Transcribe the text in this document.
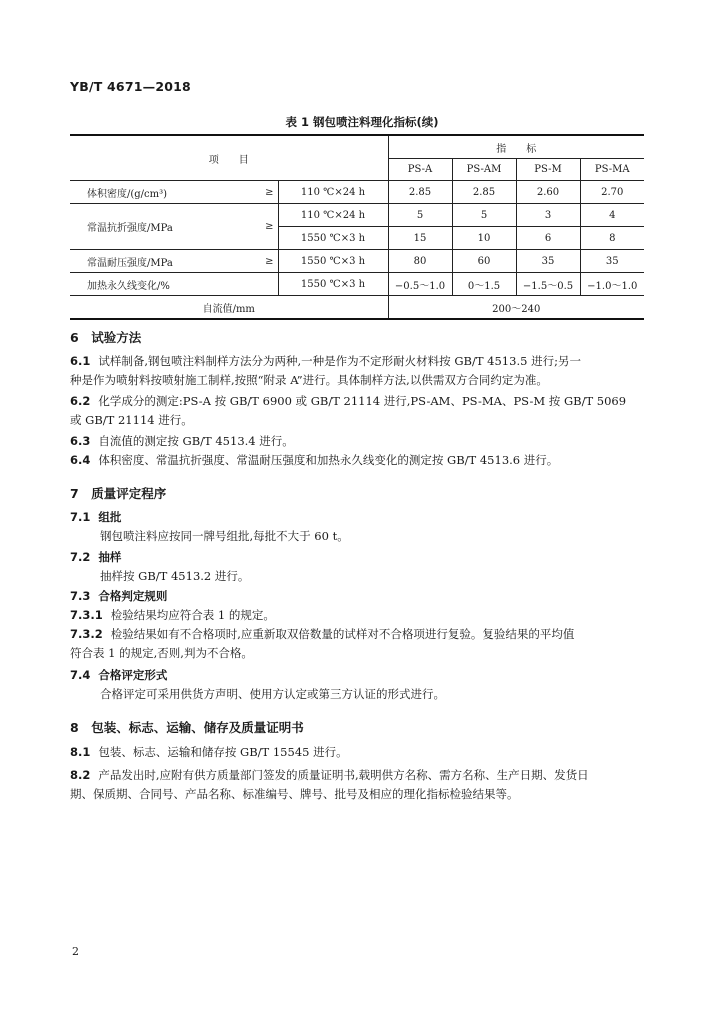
YB/T 4671—2018
表 1 钢包喷注料理化指标(续)
项　　目			指　　标			
			PS-A	PS-AM	PS-M	PS-MA
体积密度/(g/cm³)	≥	110 ℃×24 h	2.85	2.85	2.60	2.70
常温抗折强度/MPa	≥	110 ℃×24 h	5	5	3	4
		1550 ℃×3 h	15	10	6	8
常温耐压强度/MPa	≥	1550 ℃×3 h	80	60	35	35
加热永久线变化/%		1550 ℃×3 h	−0.5～1.0	0～1.5	−1.5～0.5	−1.0～1.0
自流值/mm			200～240			
6　试验方法
6.1 试样制备,钢包喷注料制样方法分为两种,一种是作为不定形耐火材料按 GB/T 4513.5 进行;另一
种是作为喷射料按喷射施工制样,按照“附录 A”进行。具体制样方法,以供需双方合同约定为准。
6.2 化学成分的测定:PS-A 按 GB/T 6900 或 GB/T 21114 进行,PS-AM、PS-MA、PS-M 按 GB/T 5069
或 GB/T 21114 进行。
6.3 自流值的测定按 GB/T 4513.4 进行。
6.4 体积密度、常温抗折强度、常温耐压强度和加热永久线变化的测定按 GB/T 4513.6 进行。
7　质量评定程序
7.1 组批
钢包喷注料应按同一牌号组批,每批不大于 60 t。
7.2 抽样
抽样按 GB/T 4513.2 进行。
7.3 合格判定规则
7.3.1 检验结果均应符合表 1 的规定。
7.3.2 检验结果如有不合格项时,应重新取双倍数量的试样对不合格项进行复验。复验结果的平均值
符合表 1 的规定,否则,判为不合格。
7.4 合格评定形式
合格评定可采用供货方声明、使用方认定或第三方认证的形式进行。
8　包装、标志、运输、储存及质量证明书
8.1 包装、标志、运输和储存按 GB/T 15545 进行。
8.2 产品发出时,应附有供方质量部门签发的质量证明书,载明供方名称、需方名称、生产日期、发货日
期、保质期、合同号、产品名称、标准编号、牌号、批号及相应的理化指标检验结果等。
2
